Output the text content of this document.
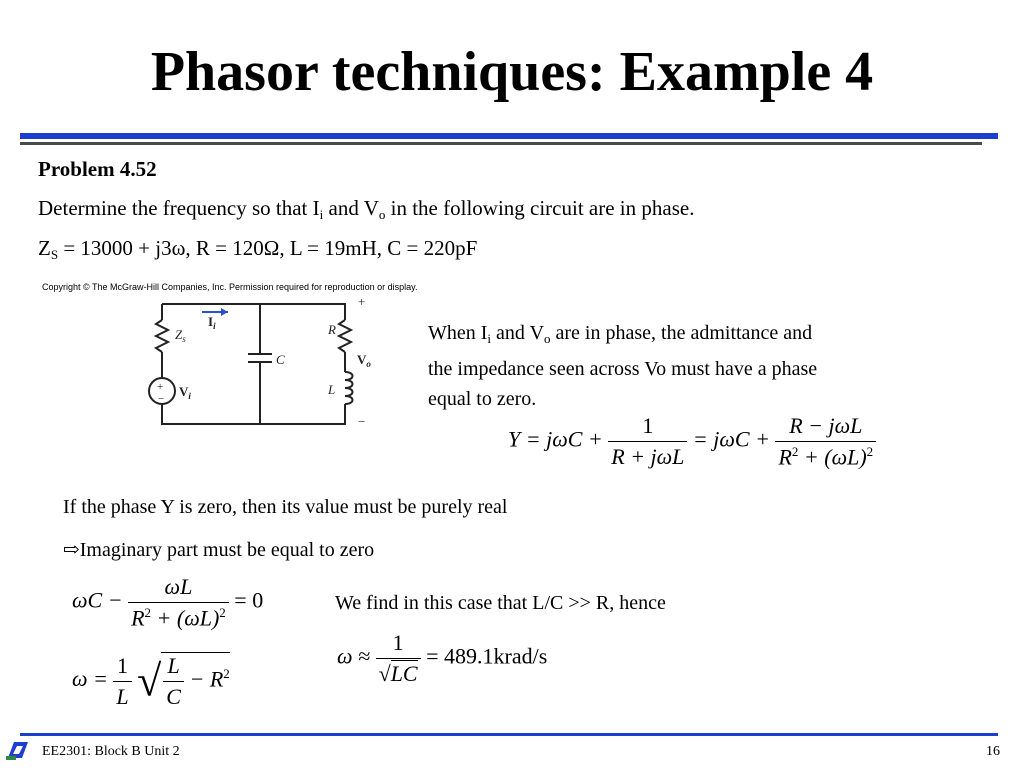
Phasor techniques: Example 4
Problem 4.52
Determine the frequency so that $I_i$ and $V_o$ in the following circuit are in phase.
$Z_S = 13000 + j3\omega$, R = 120Ω, L = 19mH, C = 220pF
Copyright © The McGraw-Hill Companies, Inc. Permission required for reproduction or display.
$Z_s$
$I_i$
C
R
L
$V_o$
+
−
+
− $V_i$
When $I_i$ and $V_o$ are in phase, the admittance and
the impedance seen across Vo must have a phase
equal to zero.
$Y = j\omega C + \frac{1}{\text{R + jωL}} = j\omega C + \frac{\text{R − jωL}}{R^2 + (\omega L)^2}$
If the phase Y is zero, then its value must be purely real
⇨Imaginary part must be equal to zero
$\omega C - \frac{\omega L}{R^2 + (\omega L)^2} = 0$
$\omega = \frac{1}{L}$ √ $\frac{L}{C} - R^2$
We find in this case that L/C >> R, hence
$\omega \approx \frac{1}{√LC}$ = 489.1krad/s
EE2301: Block B Unit 2	16
